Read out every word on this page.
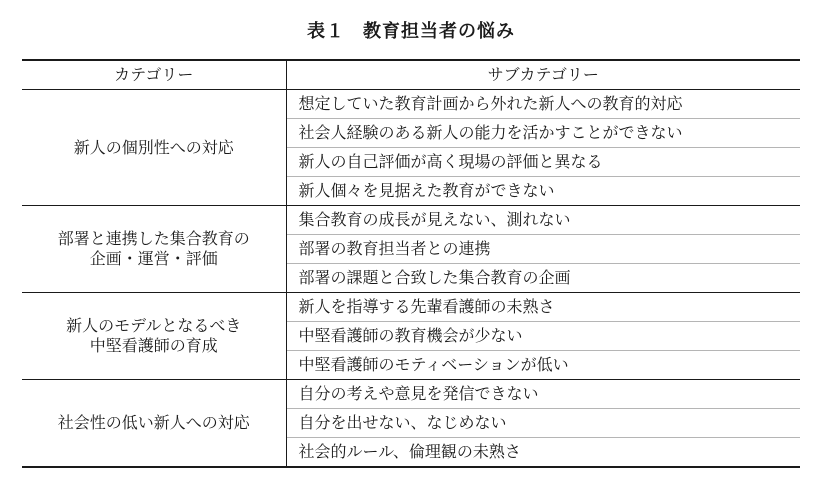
表１ 教育担当者の悩み
カテゴリー	サブカテゴリー

新人の個別性への対応	想定していた教育計画から外れた新人への教育的対応
	社会人経験のある新人の能力を活かすことができない
	新人の自己評価が高く現場の評価と異なる
	新人個々を見据えた教育ができない

部署と連携した集合教育の
企画・運営・評価	集合教育の成長が見えない、測れない
	部署の教育担当者との連携
	部署の課題と合致した集合教育の企画

新人のモデルとなるべき
中堅看護師の育成	新人を指導する先輩看護師の未熟さ
	中堅看護師の教育機会が少ない
	中堅看護師のモティベーションが低い

社会性の低い新人への対応	自分の考えや意見を発信できない
	自分を出せない、なじめない
	社会的ルール、倫理観の未熟さ
